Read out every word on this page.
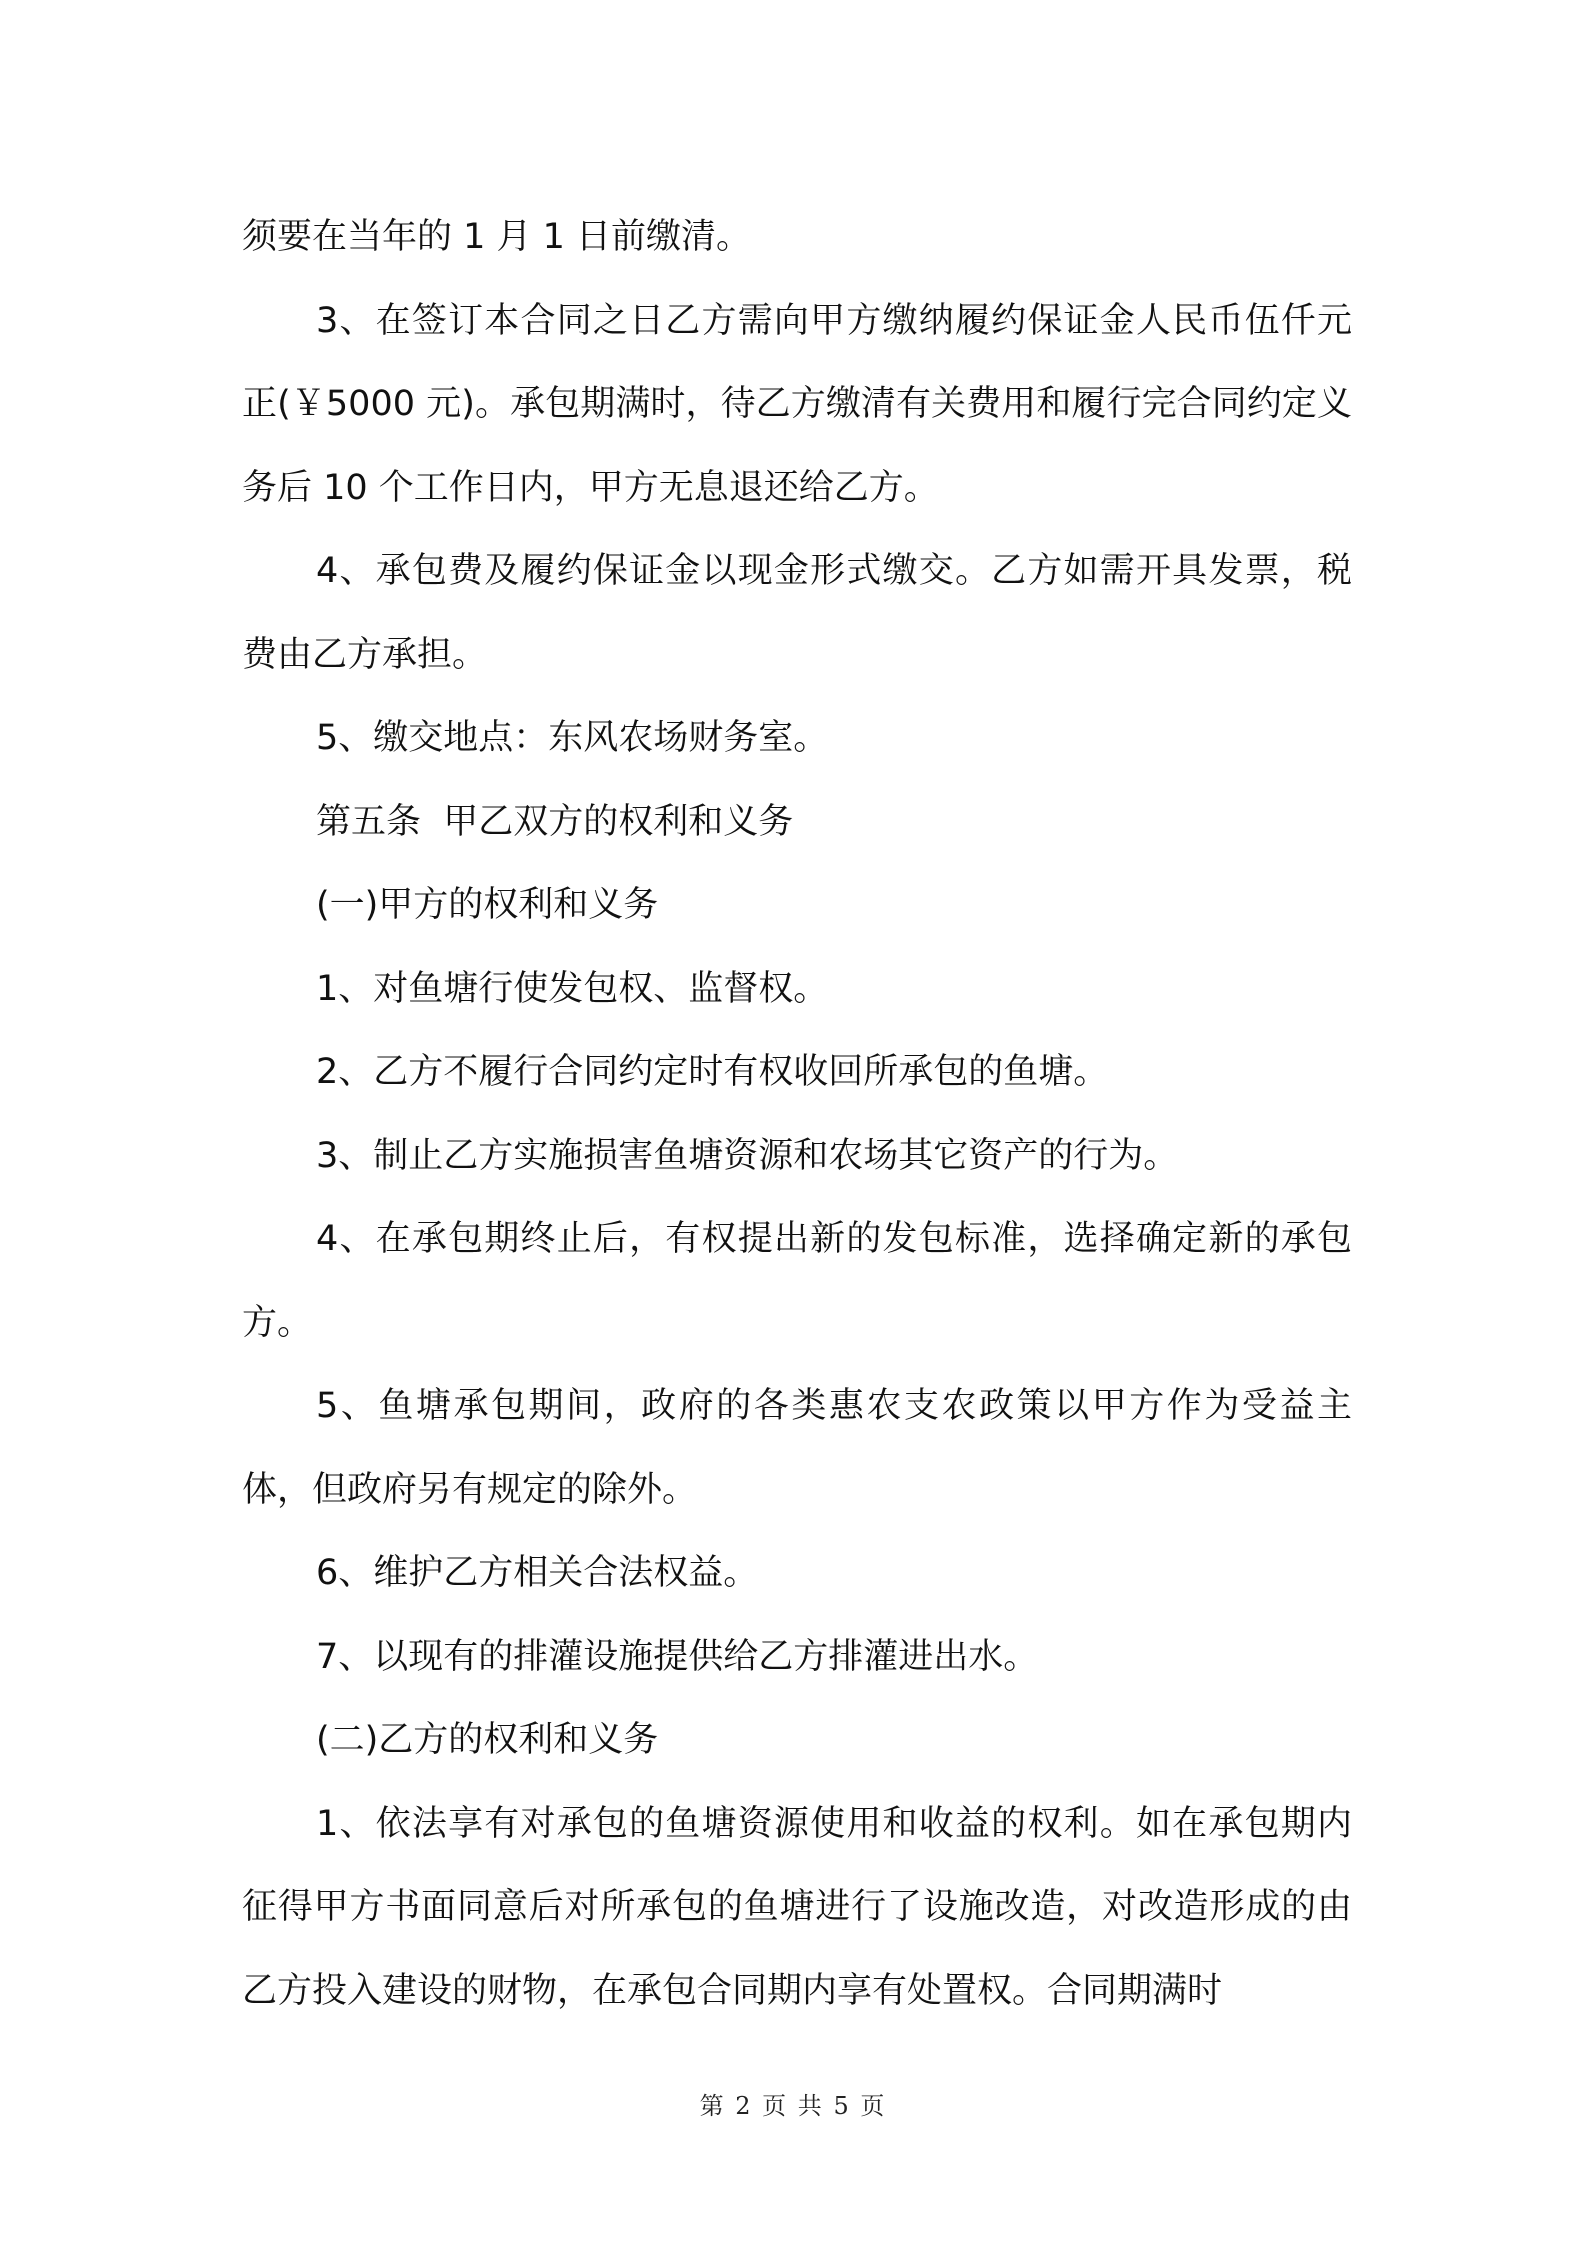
须要在当年的 1 月 1 日前缴清。

3、在签订本合同之日乙方需向甲方缴纳履约保证金人民币伍仟元正(￥5000 元)。承包期满时，待乙方缴清有关费用和履行完合同约定义务后 10 个工作日内，甲方无息退还给乙方。

4、承包费及履约保证金以现金形式缴交。乙方如需开具发票，税费由乙方承担。

5、缴交地点：东风农场财务室。

第五条  甲乙双方的权利和义务

(一)甲方的权利和义务

1、对鱼塘行使发包权、监督权。

2、乙方不履行合同约定时有权收回所承包的鱼塘。

3、制止乙方实施损害鱼塘资源和农场其它资产的行为。

4、在承包期终止后，有权提出新的发包标准，选择确定新的承包方。

5、鱼塘承包期间，政府的各类惠农支农政策以甲方作为受益主体，但政府另有规定的除外。

6、维护乙方相关合法权益。

7、以现有的排灌设施提供给乙方排灌进出水。

(二)乙方的权利和义务

1、依法享有对承包的鱼塘资源使用和收益的权利。如在承包期内征得甲方书面同意后对所承包的鱼塘进行了设施改造，对改造形成的由乙方投入建设的财物，在承包合同期内享有处置权。合同期满时

第 2 页 共 5 页
